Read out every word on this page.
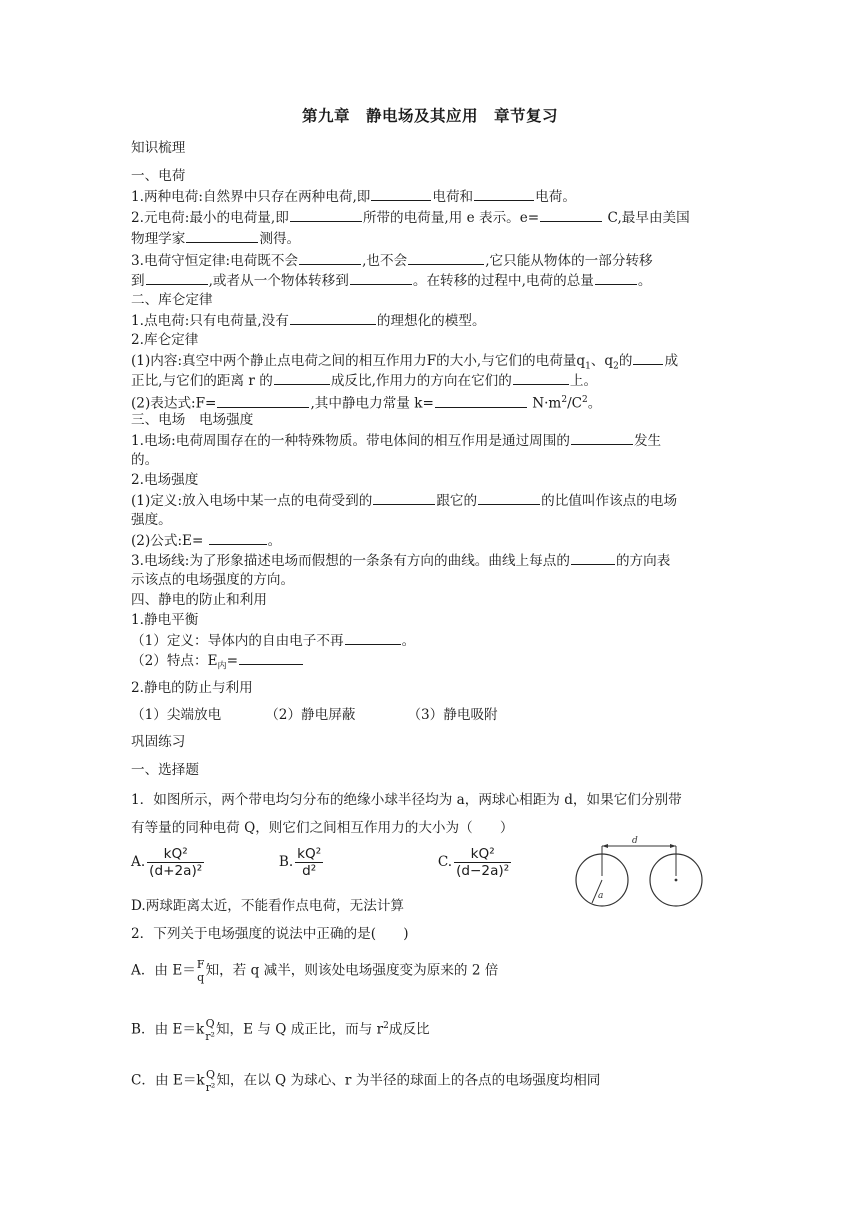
第九章　静电场及其应用　章节复习
知识梳理
一、电荷
1.两种电荷:自然界中只存在两种电荷,即	电荷和	电荷。
2.元电荷:最小的电荷量,即	所带的电荷量,用 e 表示。e=	C,最早由美国
物理学家	测得。
3.电荷守恒定律:电荷既不会	,也不会	,它只能从物体的一部分转移
到	,或者从一个物体转移到	。在转移的过程中,电荷的总量	。
二、库仑定律
1.点电荷:只有电荷量,没有	的理想化的模型。
2.库仑定律
(1)内容:真空中两个静止点电荷之间的相互作用力F的大小,与它们的电荷量$q_1$、$q_2$的 成
正比,与它们的距离 r 的	成反比,作用力的方向在它们的	上。
(2)表达式:F=	,其中静电力常量 k=	$N\cdot m^2/C^2$。
三、电场　电场强度
1.电场:电荷周围存在的一种特殊物质。带电体间的相互作用是通过周围的	发生
的。
2.电场强度
(1)定义:放入电场中某一点的电荷受到的	跟它的	的比值叫作该点的电场
强度。
(2)公式:E=	。
3.电场线:为了形象描述电场而假想的一条条有方向的曲线。曲线上每点的	的方向表
示该点的电场强度的方向。
四、静电的防止和利用
1.静电平衡
（1）定义：导体内的自由电子不再	。
（2）特点：$E_内=$
2.静电的防止与利用
（1）尖端放电	（2）静电屏蔽	（3）静电吸附
巩固练习
一、选择题
1．如图所示，两个带电均匀分布的绝缘小球半径均为 a，两球心相距为 d，如果它们分别带
有等量的同种电荷 Q，则它们之间相互作用力的大小为（　　）
A. $\frac{\text{kQ²}}{\text{(d+2a)²}}$	B. $\frac{\text{kQ²}}{\text{d²}}$	C. $\frac{\text{kQ²}}{\text{(d−2a)²}}$
D.两球距离太近，不能看作点电荷，无法计算
d
a
2．下列关于电场强度的说法中正确的是(　　)
A．由 E＝ F
q 知，若 q 减半，则该处电场强度变为原来的 2 倍
B．由 E＝k Q
r² 知，E 与 Q 成正比，而与 $r^2$成反比
C．由 E＝k Q
r² 知，在以 Q 为球心、r 为半径的球面上的各点的电场强度均相同
